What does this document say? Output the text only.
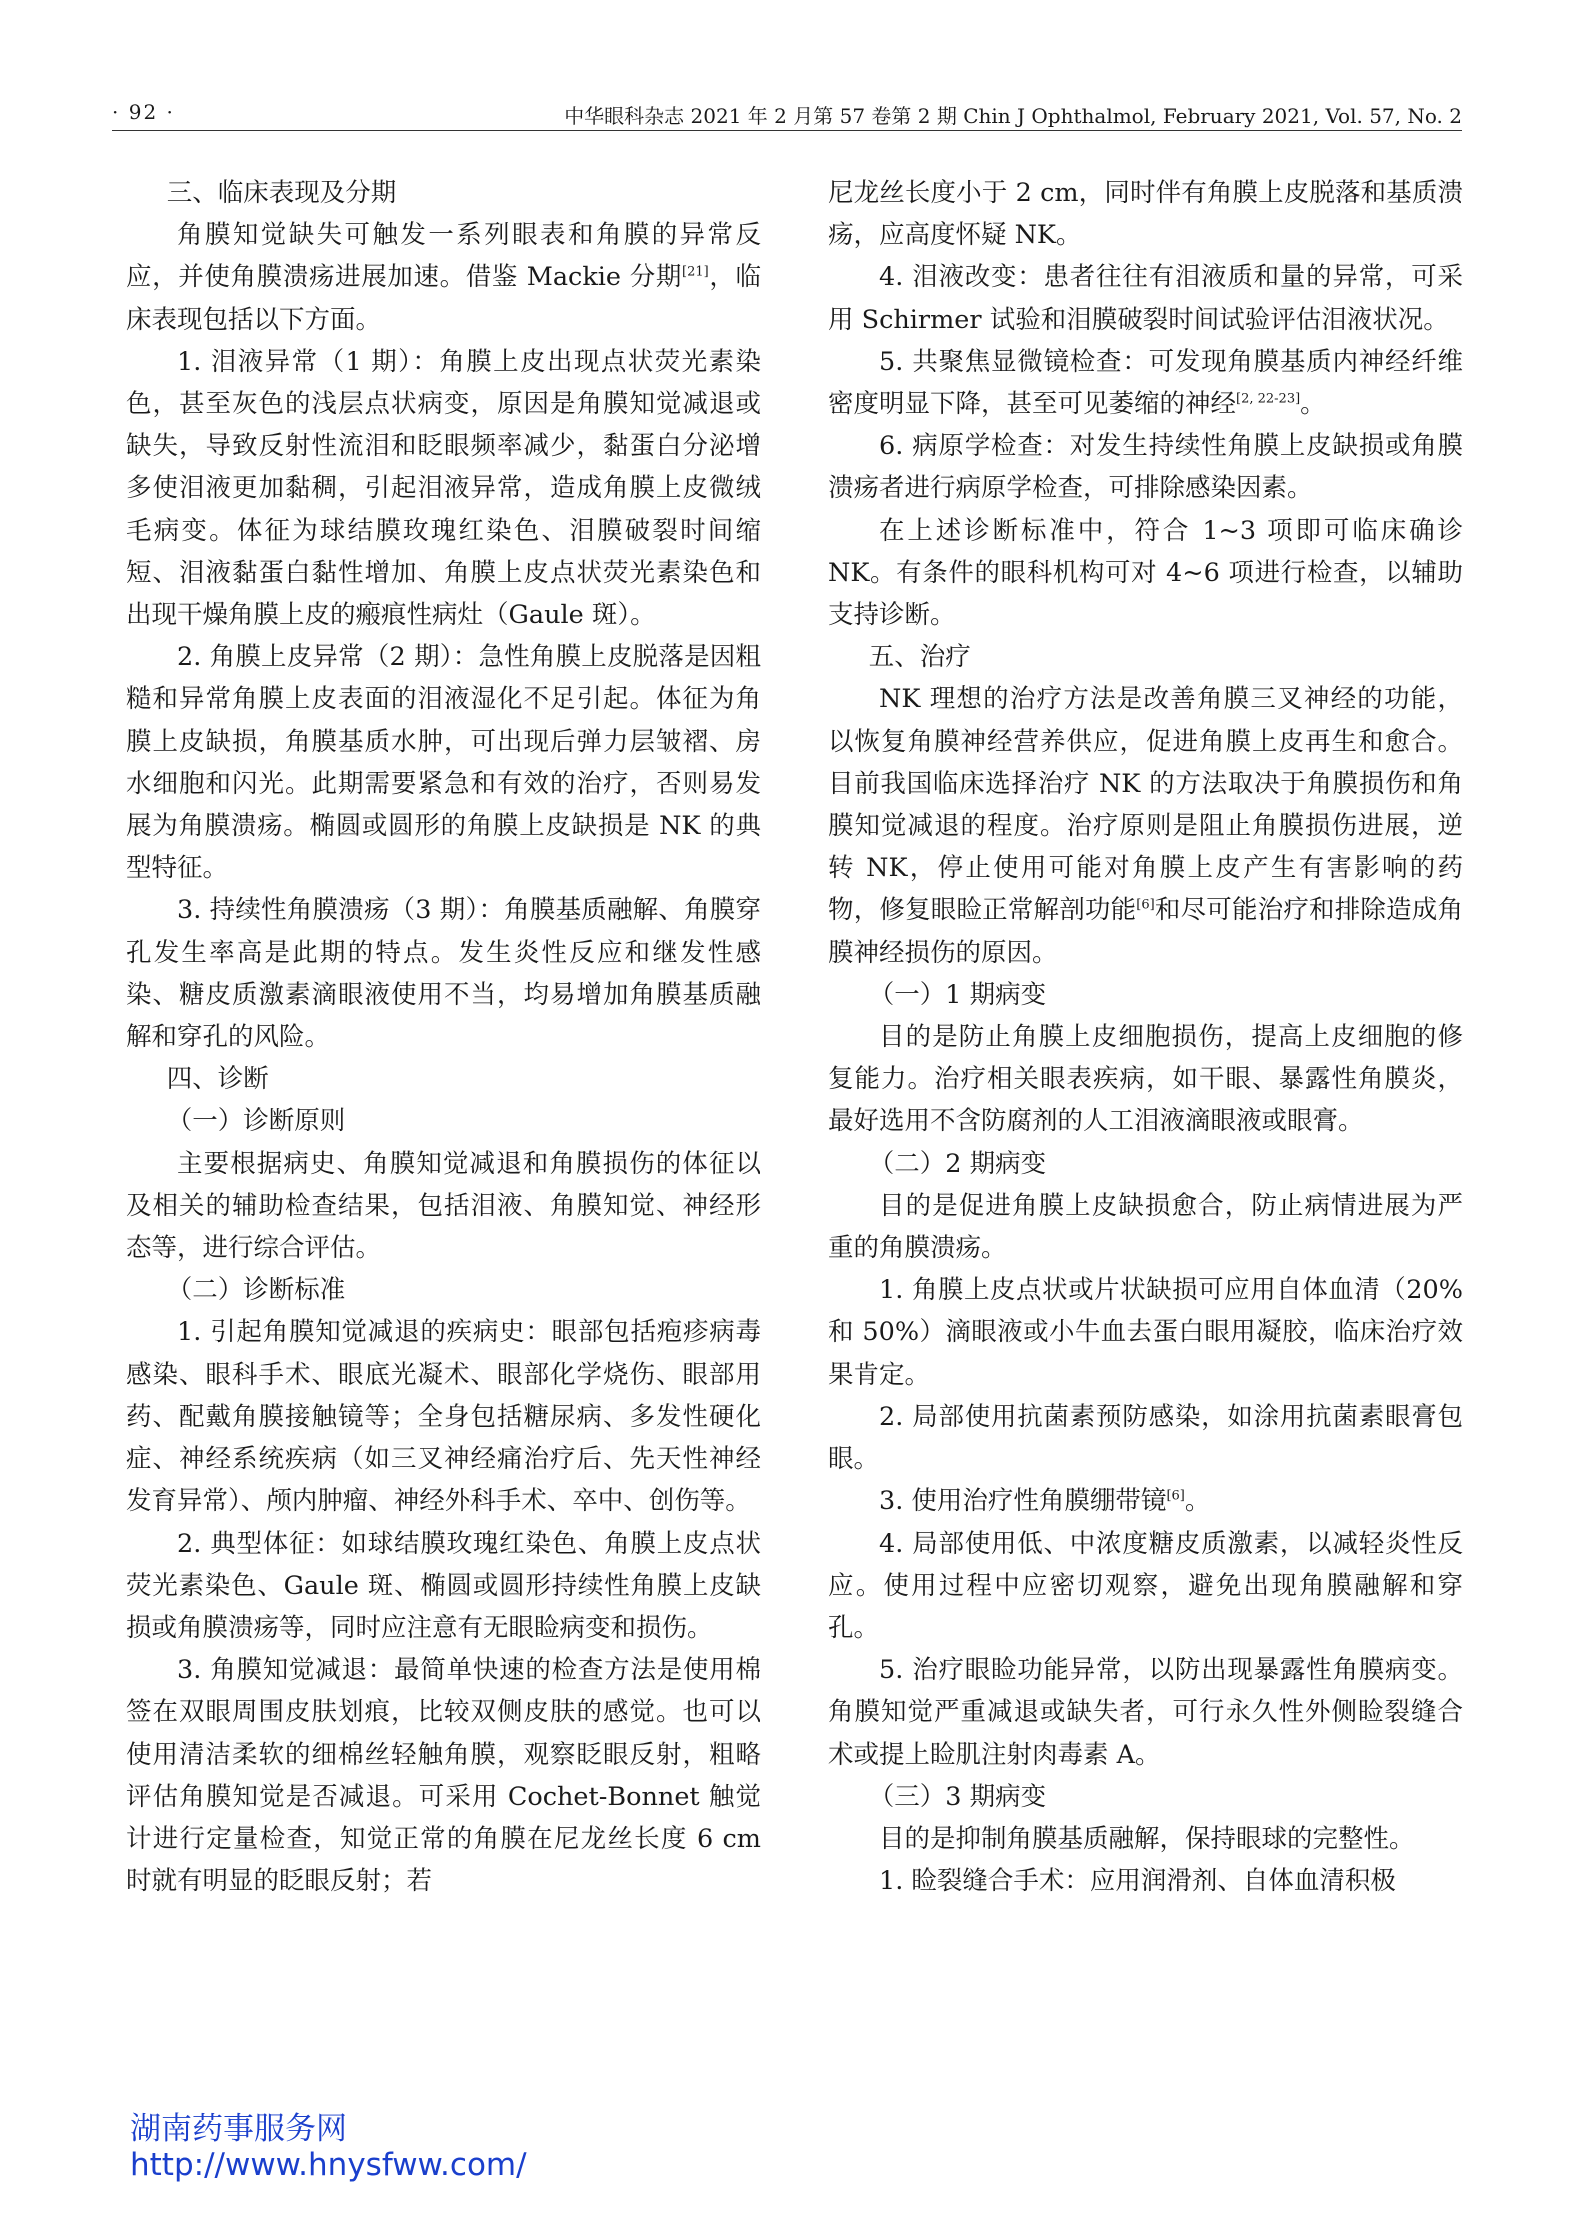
· 92 ·	中华眼科杂志 2021 年 2 月第 57 卷第 2 期 Chin J Ophthalmol, February 2021, Vol. 57, No. 2

三、临床表现及分期

角膜知觉缺失可触发一系列眼表和角膜的异常反应，并使角膜溃疡进展加速。借鉴 Mackie 分期[21]，临床表现包括以下方面。

1. 泪液异常（1 期）：角膜上皮出现点状荧光素染色，甚至灰色的浅层点状病变，原因是角膜知觉减退或缺失，导致反射性流泪和眨眼频率减少，黏蛋白分泌增多使泪液更加黏稠，引起泪液异常，造成角膜上皮微绒毛病变。体征为球结膜玫瑰红染色、泪膜破裂时间缩短、泪液黏蛋白黏性增加、角膜上皮点状荧光素染色和出现干燥角膜上皮的瘢痕性病灶（Gaule 斑）。

2. 角膜上皮异常（2 期）：急性角膜上皮脱落是因粗糙和异常角膜上皮表面的泪液湿化不足引起。体征为角膜上皮缺损，角膜基质水肿，可出现后弹力层皱褶、房水细胞和闪光。此期需要紧急和有效的治疗，否则易发展为角膜溃疡。椭圆或圆形的角膜上皮缺损是 NK 的典型特征。

3. 持续性角膜溃疡（3 期）：角膜基质融解、角膜穿孔发生率高是此期的特点。发生炎性反应和继发性感染、糖皮质激素滴眼液使用不当，均易增加角膜基质融解和穿孔的风险。

四、诊断

（一）诊断原则

主要根据病史、角膜知觉减退和角膜损伤的体征以及相关的辅助检查结果，包括泪液、角膜知觉、神经形态等，进行综合评估。

（二）诊断标准

1. 引起角膜知觉减退的疾病史：眼部包括疱疹病毒感染、眼科手术、眼底光凝术、眼部化学烧伤、眼部用药、配戴角膜接触镜等；全身包括糖尿病、多发性硬化症、神经系统疾病（如三叉神经痛治疗后、先天性神经发育异常）、颅内肿瘤、神经外科手术、卒中、创伤等。

2. 典型体征：如球结膜玫瑰红染色、角膜上皮点状荧光素染色、Gaule 斑、椭圆或圆形持续性角膜上皮缺损或角膜溃疡等，同时应注意有无眼睑病变和损伤。

3. 角膜知觉减退：最简单快速的检查方法是使用棉签在双眼周围皮肤划痕，比较双侧皮肤的感觉。也可以使用清洁柔软的细棉丝轻触角膜，观察眨眼反射，粗略评估角膜知觉是否减退。可采用 Cochet-Bonnet 触觉计进行定量检查，知觉正常的角膜在尼龙丝长度 6 cm 时就有明显的眨眼反射；若

尼龙丝长度小于 2 cm，同时伴有角膜上皮脱落和基质溃疡，应高度怀疑 NK。

4. 泪液改变：患者往往有泪液质和量的异常，可采用 Schirmer 试验和泪膜破裂时间试验评估泪液状况。

5. 共聚焦显微镜检查：可发现角膜基质内神经纤维密度明显下降，甚至可见萎缩的神经[2, 22-23]。

6. 病原学检查：对发生持续性角膜上皮缺损或角膜溃疡者进行病原学检查，可排除感染因素。

在上述诊断标准中，符合 1~3 项即可临床确诊 NK。有条件的眼科机构可对 4~6 项进行检查，以辅助支持诊断。

五、治疗

NK 理想的治疗方法是改善角膜三叉神经的功能，以恢复角膜神经营养供应，促进角膜上皮再生和愈合。目前我国临床选择治疗 NK 的方法取决于角膜损伤和角膜知觉减退的程度。治疗原则是阻止角膜损伤进展，逆转 NK，停止使用可能对角膜上皮产生有害影响的药物，修复眼睑正常解剖功能[6]和尽可能治疗和排除造成角膜神经损伤的原因。

（一）1 期病变

目的是防止角膜上皮细胞损伤，提高上皮细胞的修复能力。治疗相关眼表疾病，如干眼、暴露性角膜炎，最好选用不含防腐剂的人工泪液滴眼液或眼膏。

（二）2 期病变

目的是促进角膜上皮缺损愈合，防止病情进展为严重的角膜溃疡。

1. 角膜上皮点状或片状缺损可应用自体血清（20% 和 50%）滴眼液或小牛血去蛋白眼用凝胶，临床治疗效果肯定。

2. 局部使用抗菌素预防感染，如涂用抗菌素眼膏包眼。

3. 使用治疗性角膜绷带镜[6]。

4. 局部使用低、中浓度糖皮质激素，以减轻炎性反应。使用过程中应密切观察，避免出现角膜融解和穿孔。

5. 治疗眼睑功能异常，以防出现暴露性角膜病变。角膜知觉严重减退或缺失者，可行永久性外侧睑裂缝合术或提上睑肌注射肉毒素 A。

（三）3 期病变

目的是抑制角膜基质融解，保持眼球的完整性。

1. 睑裂缝合手术：应用润滑剂、自体血清积极

湖南药事服务网
http://www.hnysfww.com/
